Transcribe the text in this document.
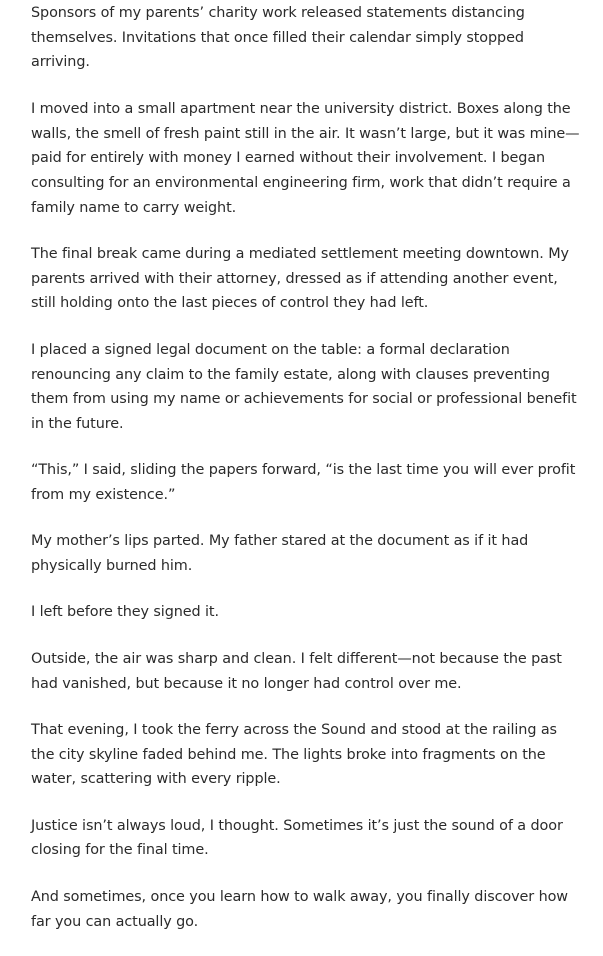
Sponsors of my parents’ charity work released statements distancing themselves. Invitations that once filled their calendar simply stopped arriving.

I moved into a small apartment near the university district. Boxes along the walls, the smell of fresh paint still in the air. It wasn’t large, but it was mine—paid for entirely with money I earned without their involvement. I began consulting for an environmental engineering firm, work that didn’t require a family name to carry weight.

The final break came during a mediated settlement meeting downtown. My parents arrived with their attorney, dressed as if attending another event, still holding onto the last pieces of control they had left.

I placed a signed legal document on the table: a formal declaration renouncing any claim to the family estate, along with clauses preventing them from using my name or achievements for social or professional benefit in the future.

“This,” I said, sliding the papers forward, “is the last time you will ever profit from my existence.”

My mother’s lips parted. My father stared at the document as if it had physically burned him.

I left before they signed it.

Outside, the air was sharp and clean. I felt different—not because the past had vanished, but because it no longer had control over me.

That evening, I took the ferry across the Sound and stood at the railing as the city skyline faded behind me. The lights broke into fragments on the water, scattering with every ripple.

Justice isn’t always loud, I thought. Sometimes it’s just the sound of a door closing for the final time.

And sometimes, once you learn how to walk away, you finally discover how far you can actually go.
